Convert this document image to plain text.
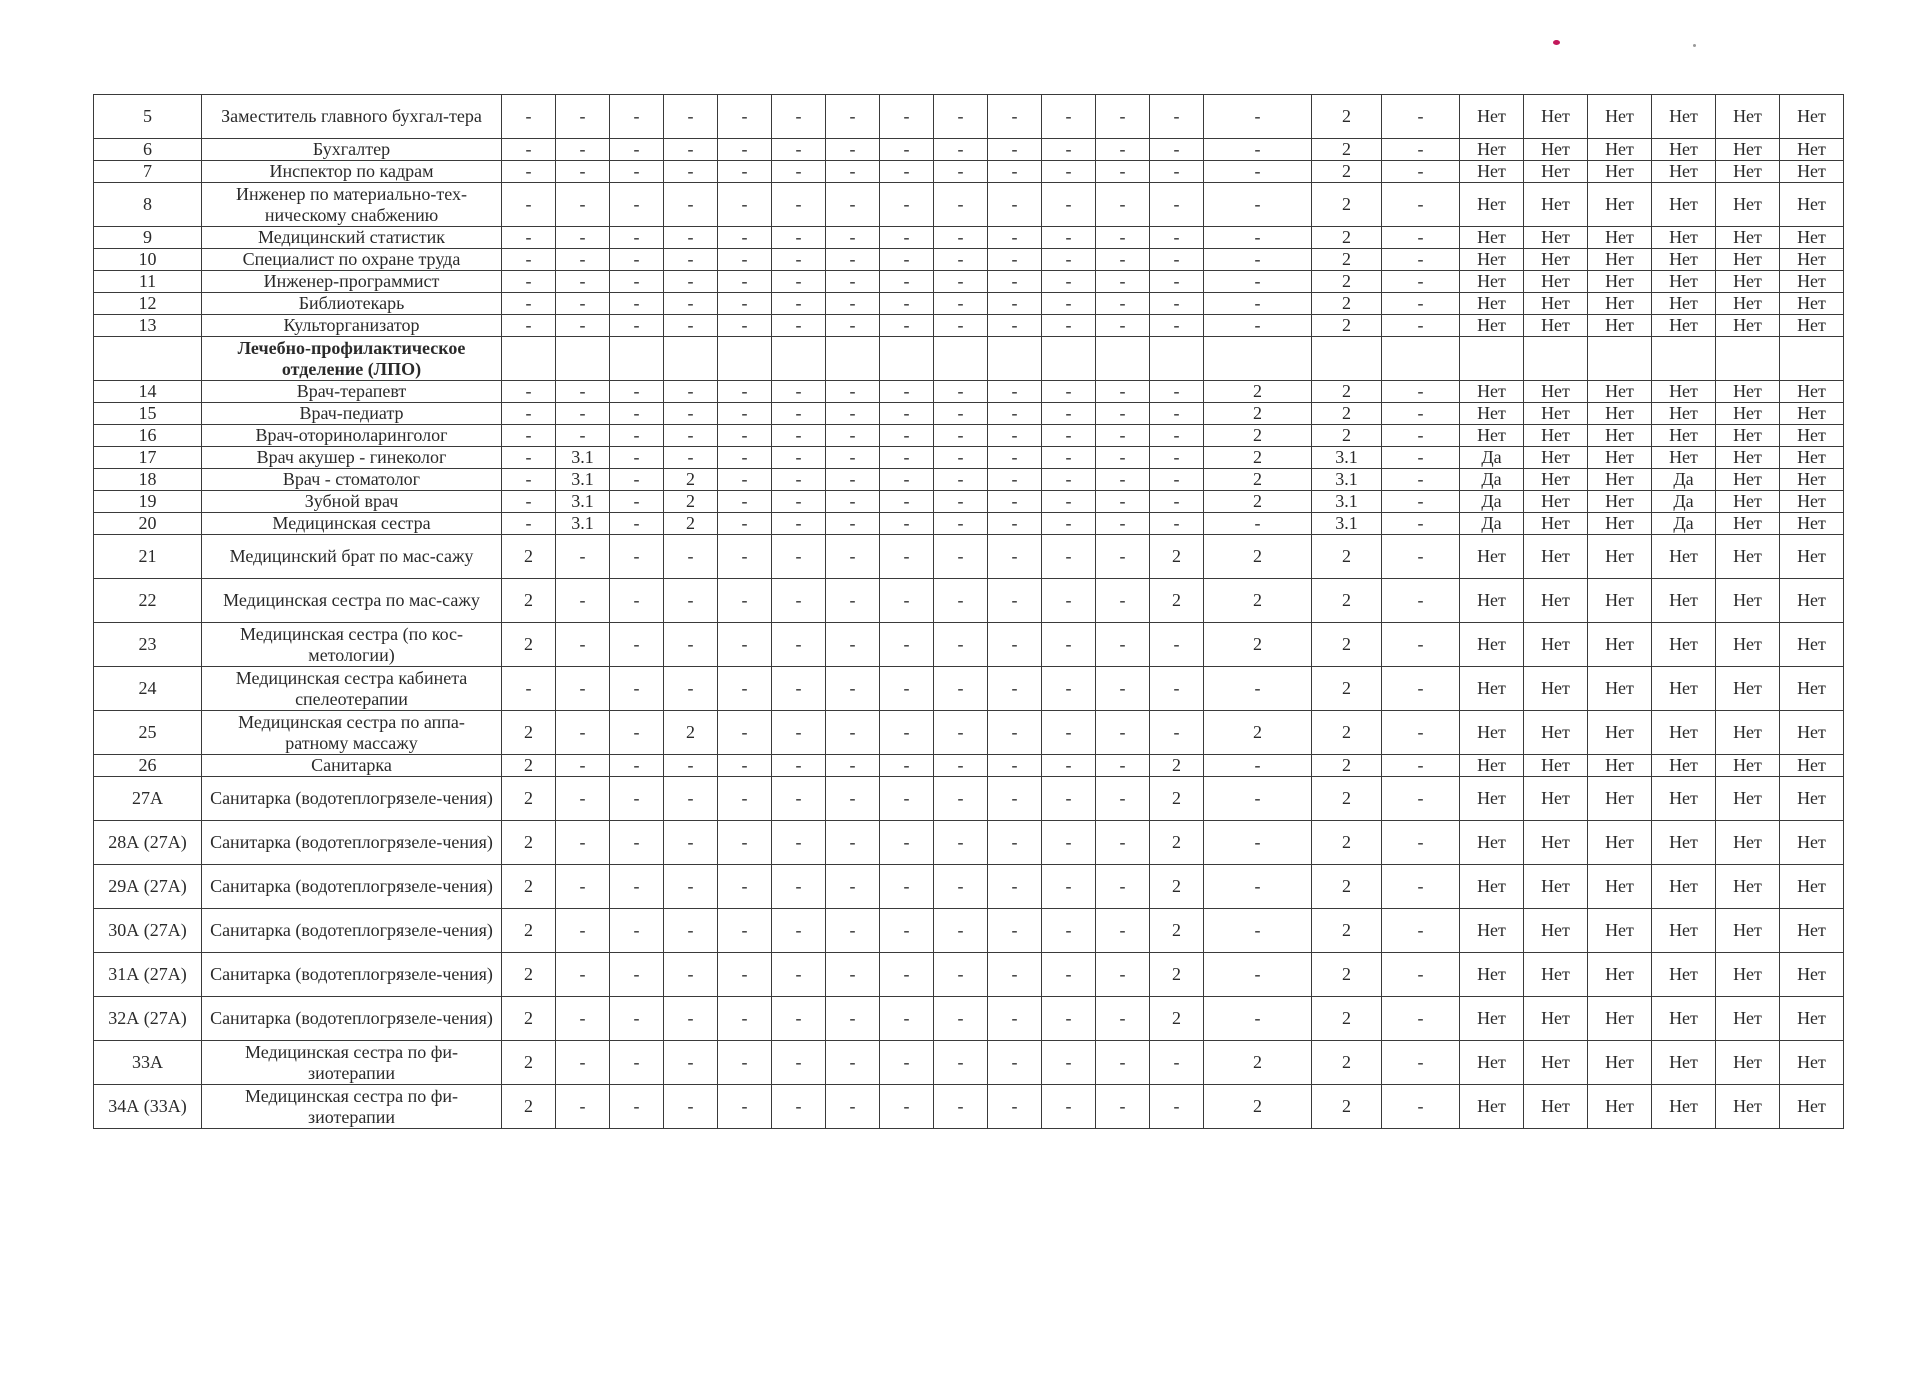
5	Заместитель главного бухгал-тера	-	-	-	-	-	-	-	-	-	-	-	-	-	-	2	-	Нет	Нет	Нет	Нет	Нет	Нет
6	Бухгалтер	-	-	-	-	-	-	-	-	-	-	-	-	-	-	2	-	Нет	Нет	Нет	Нет	Нет	Нет
7	Инспектор по кадрам	-	-	-	-	-	-	-	-	-	-	-	-	-	-	2	-	Нет	Нет	Нет	Нет	Нет	Нет
8	Инженер по материально-тех-ническому снабжению	-	-	-	-	-	-	-	-	-	-	-	-	-	-	2	-	Нет	Нет	Нет	Нет	Нет	Нет
9	Медицинский статистик	-	-	-	-	-	-	-	-	-	-	-	-	-	-	2	-	Нет	Нет	Нет	Нет	Нет	Нет
10	Специалист по охране труда	-	-	-	-	-	-	-	-	-	-	-	-	-	-	2	-	Нет	Нет	Нет	Нет	Нет	Нет
11	Инженер-программист	-	-	-	-	-	-	-	-	-	-	-	-	-	-	2	-	Нет	Нет	Нет	Нет	Нет	Нет
12	Библиотекарь	-	-	-	-	-	-	-	-	-	-	-	-	-	-	2	-	Нет	Нет	Нет	Нет	Нет	Нет
13	Культорганизатор	-	-	-	-	-	-	-	-	-	-	-	-	-	-	2	-	Нет	Нет	Нет	Нет	Нет	Нет
	Лечебно-профилактическое отделение (ЛПО)																						
14	Врач-терапевт	-	-	-	-	-	-	-	-	-	-	-	-	-	2	2	-	Нет	Нет	Нет	Нет	Нет	Нет
15	Врач-педиатр	-	-	-	-	-	-	-	-	-	-	-	-	-	2	2	-	Нет	Нет	Нет	Нет	Нет	Нет
16	Врач-оториноларинголог	-	-	-	-	-	-	-	-	-	-	-	-	-	2	2	-	Нет	Нет	Нет	Нет	Нет	Нет
17	Врач акушер - гинеколог	-	3.1	-	-	-	-	-	-	-	-	-	-	-	2	3.1	-	Да	Нет	Нет	Нет	Нет	Нет
18	Врач - стоматолог	-	3.1	-	2	-	-	-	-	-	-	-	-	-	2	3.1	-	Да	Нет	Нет	Да	Нет	Нет
19	Зубной врач	-	3.1	-	2	-	-	-	-	-	-	-	-	-	2	3.1	-	Да	Нет	Нет	Да	Нет	Нет
20	Медицинская сестра	-	3.1	-	2	-	-	-	-	-	-	-	-	-	-	3.1	-	Да	Нет	Нет	Да	Нет	Нет
21	Медицинский брат по мас-сажу	2	-	-	-	-	-	-	-	-	-	-	-	2	2	2	-	Нет	Нет	Нет	Нет	Нет	Нет
22	Медицинская сестра по мас-сажу	2	-	-	-	-	-	-	-	-	-	-	-	2	2	2	-	Нет	Нет	Нет	Нет	Нет	Нет
23	Медицинская сестра (по кос-метологии)	2	-	-	-	-	-	-	-	-	-	-	-	-	2	2	-	Нет	Нет	Нет	Нет	Нет	Нет
24	Медицинская сестра кабинета спелеотерапии	-	-	-	-	-	-	-	-	-	-	-	-	-	-	2	-	Нет	Нет	Нет	Нет	Нет	Нет
25	Медицинская сестра по аппа-ратному массажу	2	-	-	2	-	-	-	-	-	-	-	-	-	2	2	-	Нет	Нет	Нет	Нет	Нет	Нет
26	Санитарка	2	-	-	-	-	-	-	-	-	-	-	-	2	-	2	-	Нет	Нет	Нет	Нет	Нет	Нет
27А	Санитарка (водотеплогрязеле-чения)	2	-	-	-	-	-	-	-	-	-	-	-	2	-	2	-	Нет	Нет	Нет	Нет	Нет	Нет
28А (27А)	Санитарка (водотеплогрязеле-чения)	2	-	-	-	-	-	-	-	-	-	-	-	2	-	2	-	Нет	Нет	Нет	Нет	Нет	Нет
29А (27А)	Санитарка (водотеплогрязеле-чения)	2	-	-	-	-	-	-	-	-	-	-	-	2	-	2	-	Нет	Нет	Нет	Нет	Нет	Нет
30А (27А)	Санитарка (водотеплогрязеле-чения)	2	-	-	-	-	-	-	-	-	-	-	-	2	-	2	-	Нет	Нет	Нет	Нет	Нет	Нет
31А (27А)	Санитарка (водотеплогрязеле-чения)	2	-	-	-	-	-	-	-	-	-	-	-	2	-	2	-	Нет	Нет	Нет	Нет	Нет	Нет
32А (27А)	Санитарка (водотеплогрязеле-чения)	2	-	-	-	-	-	-	-	-	-	-	-	2	-	2	-	Нет	Нет	Нет	Нет	Нет	Нет
33А	Медицинская сестра по фи-зиотерапии	2	-	-	-	-	-	-	-	-	-	-	-	-	2	2	-	Нет	Нет	Нет	Нет	Нет	Нет
34А (33А)	Медицинская сестра по фи-зиотерапии	2	-	-	-	-	-	-	-	-	-	-	-	-	2	2	-	Нет	Нет	Нет	Нет	Нет	Нет
